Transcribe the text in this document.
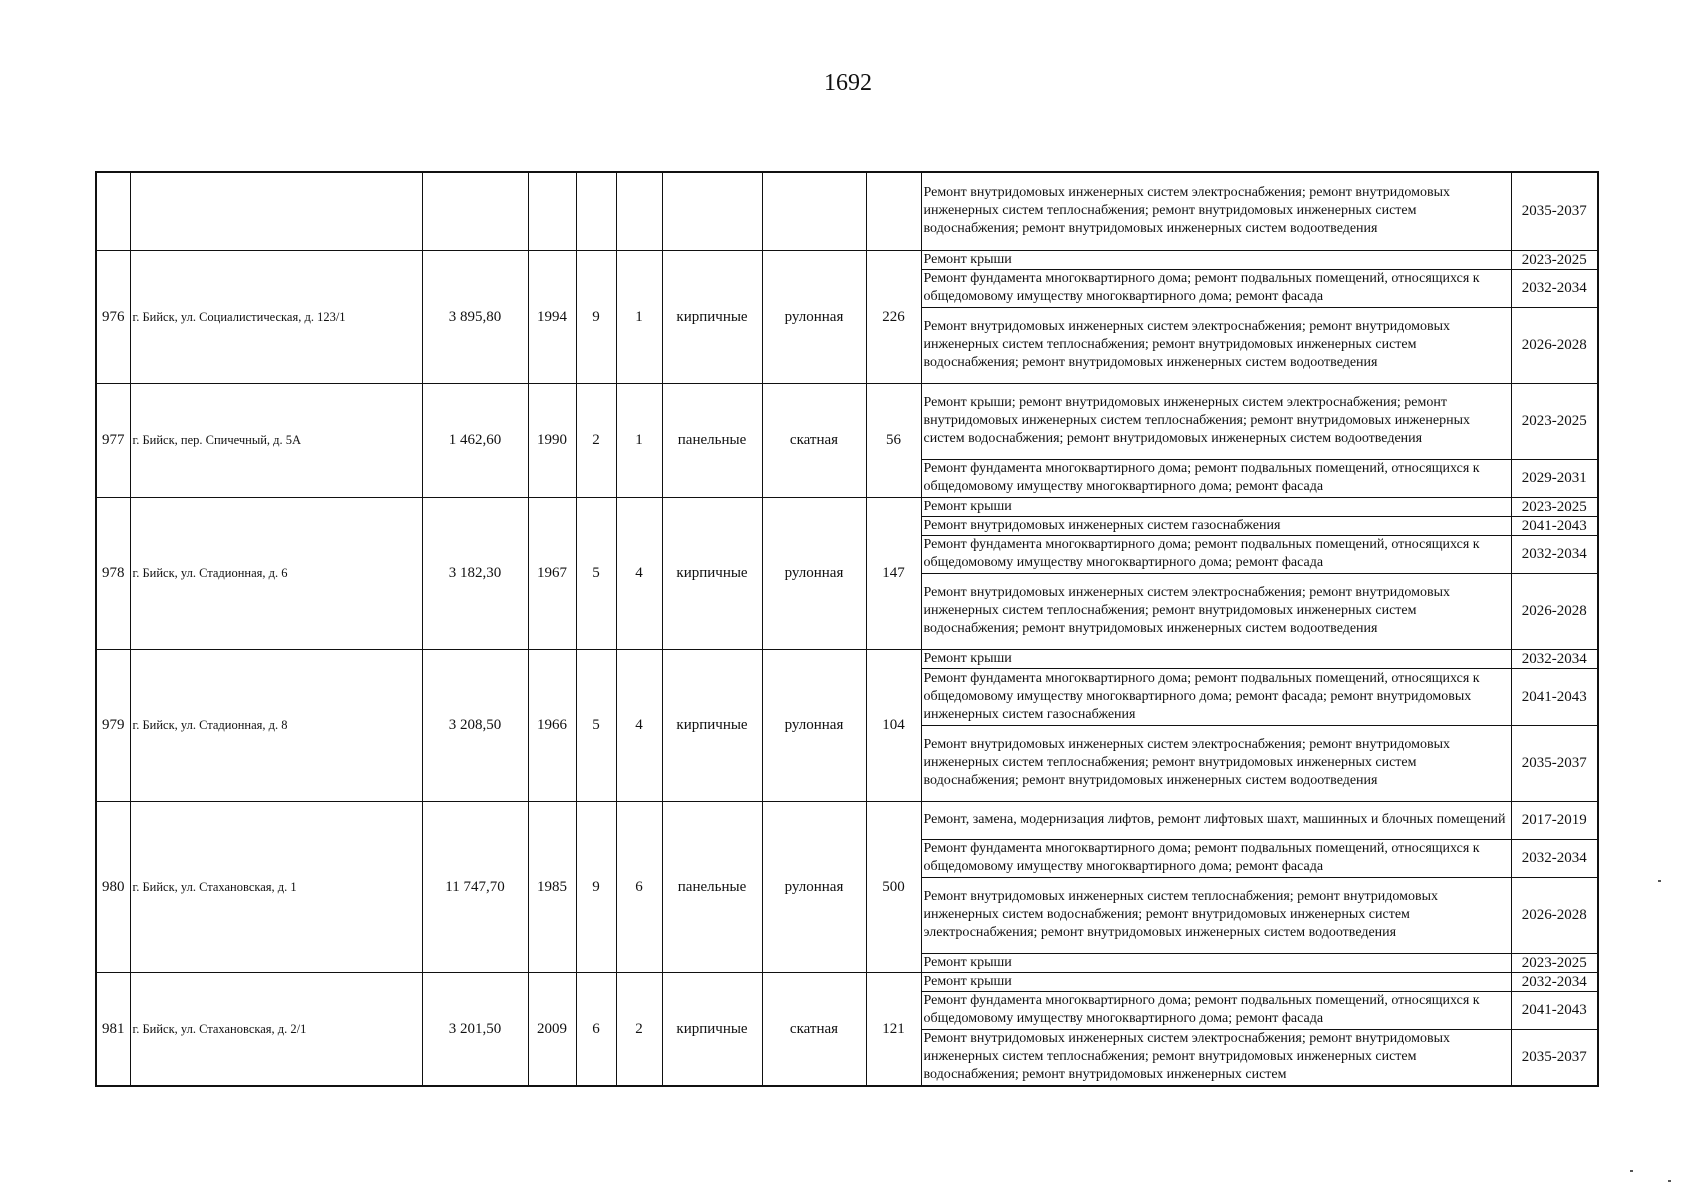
1692
									Ремонт внутридомовых инженерных систем электроснабжения; ремонт внутридомовых инженерных систем теплоснабжения; ремонт внутридомовых инженерных систем водоснабжения; ремонт внутридомовых инженерных систем водоотведения	2035-2037
976	г. Бийск, ул. Социалистическая, д. 123/1	3 895,80	1994	9	1	кирпичные	рулонная	226	Ремонт крыши	2023-2025
									Ремонт фундамента многоквартирного дома; ремонт подвальных помещений, относящихся к общедомовому имуществу многоквартирного дома; ремонт фасада	2032-2034
									Ремонт внутридомовых инженерных систем электроснабжения; ремонт внутридомовых инженерных систем теплоснабжения; ремонт внутридомовых инженерных систем водоснабжения; ремонт внутридомовых инженерных систем водоотведения	2026-2028
977	г. Бийск, пер. Спичечный, д. 5А	1 462,60	1990	2	1	панельные	скатная	56	Ремонт крыши; ремонт внутридомовых инженерных систем электроснабжения; ремонт внутридомовых инженерных систем теплоснабжения; ремонт внутридомовых инженерных систем водоснабжения; ремонт внутридомовых инженерных систем водоотведения	2023-2025
									Ремонт фундамента многоквартирного дома; ремонт подвальных помещений, относящихся к общедомовому имуществу многоквартирного дома; ремонт фасада	2029-2031
978	г. Бийск, ул. Стадионная, д. 6	3 182,30	1967	5	4	кирпичные	рулонная	147	Ремонт крыши	2023-2025
									Ремонт внутридомовых инженерных систем газоснабжения	2041-2043
									Ремонт фундамента многоквартирного дома; ремонт подвальных помещений, относящихся к общедомовому имуществу многоквартирного дома; ремонт фасада	2032-2034
									Ремонт внутридомовых инженерных систем электроснабжения; ремонт внутридомовых инженерных систем теплоснабжения; ремонт внутридомовых инженерных систем водоснабжения; ремонт внутридомовых инженерных систем водоотведения	2026-2028
979	г. Бийск, ул. Стадионная, д. 8	3 208,50	1966	5	4	кирпичные	рулонная	104	Ремонт крыши	2032-2034
									Ремонт фундамента многоквартирного дома; ремонт подвальных помещений, относящихся к общедомовому имуществу многоквартирного дома; ремонт фасада; ремонт внутридомовых инженерных систем газоснабжения	2041-2043
									Ремонт внутридомовых инженерных систем электроснабжения; ремонт внутридомовых инженерных систем теплоснабжения; ремонт внутридомовых инженерных систем водоснабжения; ремонт внутридомовых инженерных систем водоотведения	2035-2037
980	г. Бийск, ул. Стахановская, д. 1	11 747,70	1985	9	6	панельные	рулонная	500	Ремонт, замена, модернизация лифтов, ремонт лифтовых шахт, машинных и блочных помещений	2017-2019
									Ремонт фундамента многоквартирного дома; ремонт подвальных помещений, относящихся к общедомовому имуществу многоквартирного дома; ремонт фасада	2032-2034
									Ремонт внутридомовых инженерных систем теплоснабжения; ремонт внутридомовых инженерных систем водоснабжения; ремонт внутридомовых инженерных систем электроснабжения; ремонт внутридомовых инженерных систем водоотведения	2026-2028
									Ремонт крыши	2023-2025
981	г. Бийск, ул. Стахановская, д. 2/1	3 201,50	2009	6	2	кирпичные	скатная	121	Ремонт крыши	2032-2034
									Ремонт фундамента многоквартирного дома; ремонт подвальных помещений, относящихся к общедомовому имуществу многоквартирного дома; ремонт фасада	2041-2043
									Ремонт внутридомовых инженерных систем электроснабжения; ремонт внутридомовых инженерных систем теплоснабжения; ремонт внутридомовых инженерных систем водоснабжения; ремонт внутридомовых инженерных систем	2035-2037
